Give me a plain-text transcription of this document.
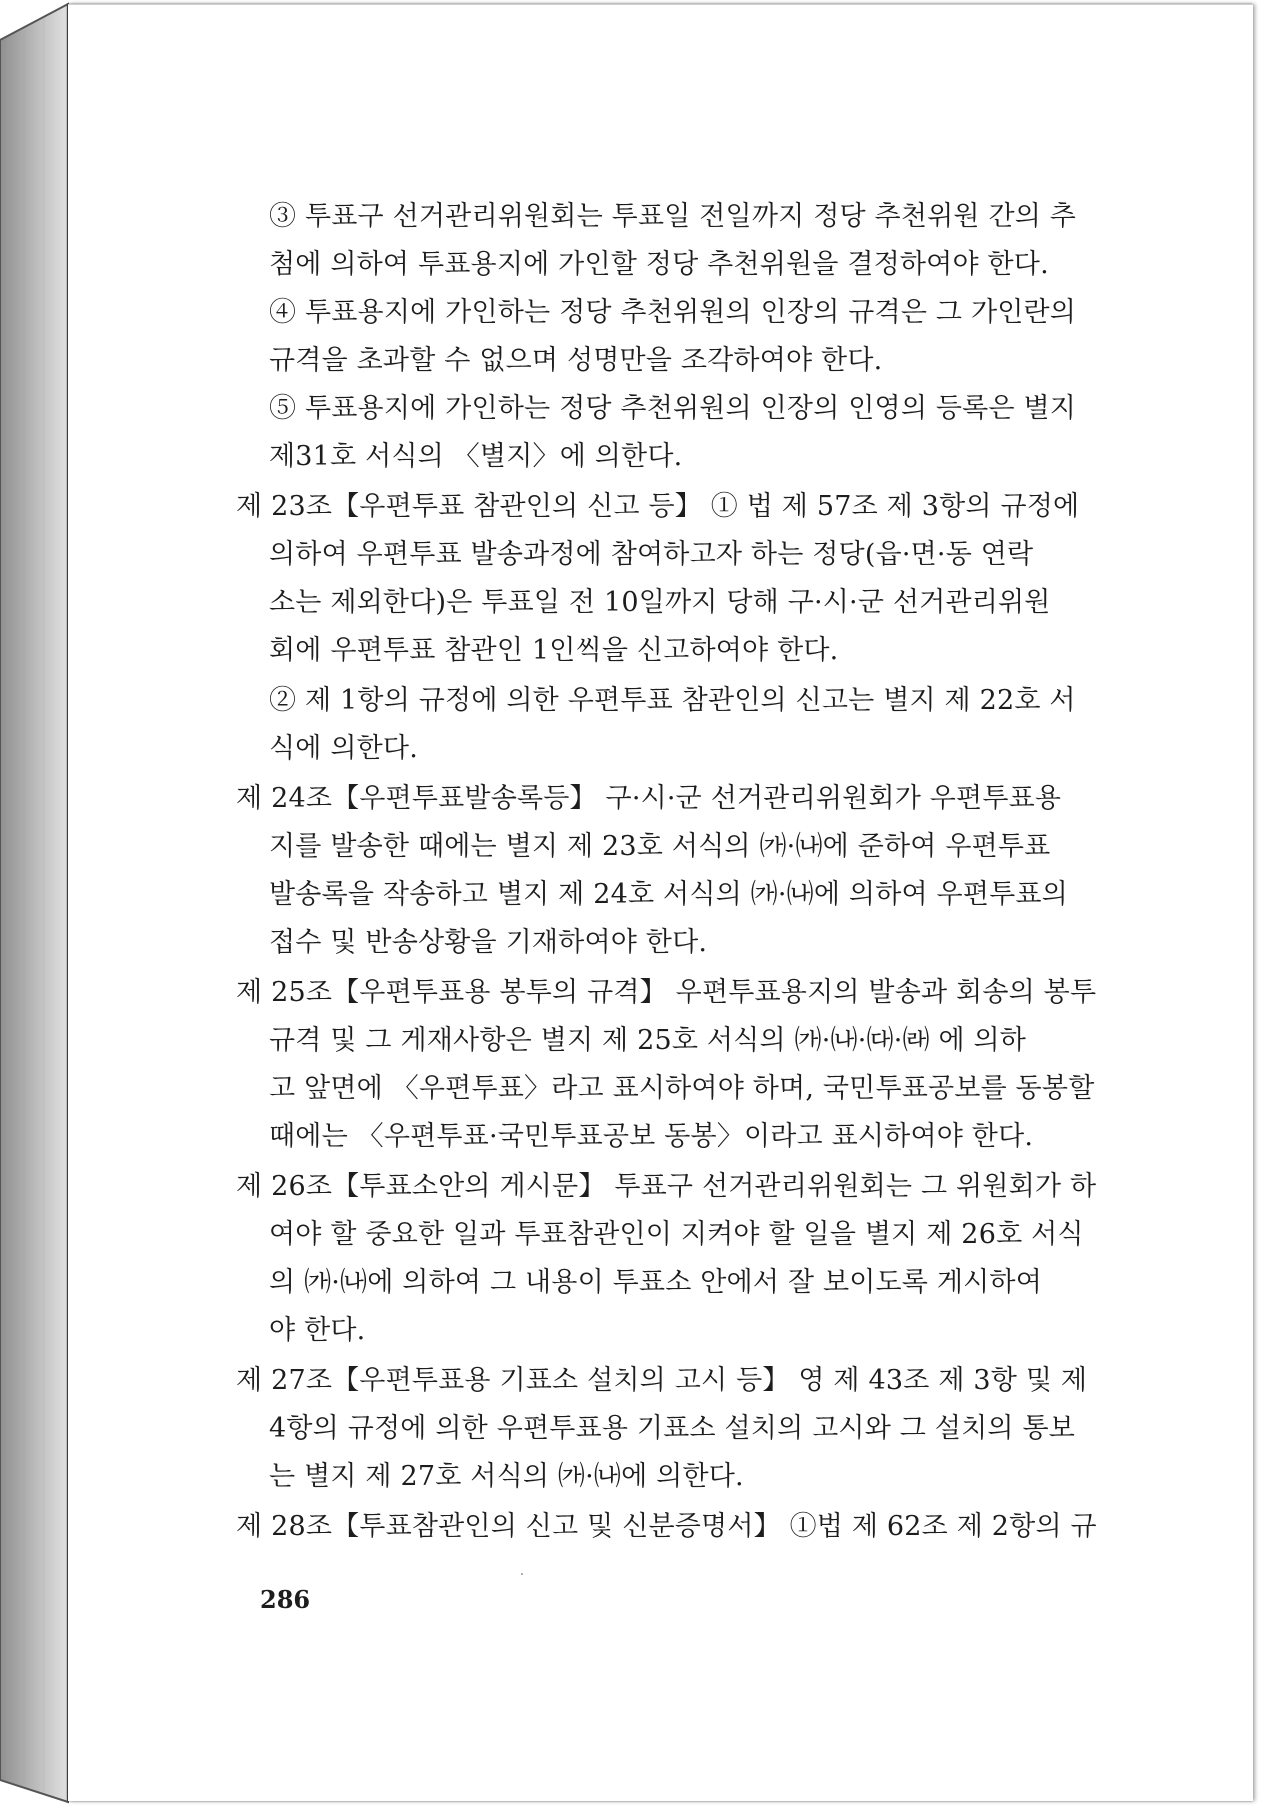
③ 투표구 선거관리위원회는 투표일 전일까지 정당 추천위원 간의 추
첨에 의하여 투표용지에 가인할 정당 추천위원을 결정하여야 한다.
④ 투표용지에 가인하는 정당 추천위원의 인장의 규격은 그 가인란의
규격을 초과할 수 없으며 성명만을 조각하여야 한다.
⑤ 투표용지에 가인하는 정당 추천위원의 인장의 인영의 등록은 별지
제31호 서식의 〈별지〉에 의한다.
제 23조【우편투표 참관인의 신고 등】 ① 법 제 57조 제 3항의 규정에
의하여 우편투표 발송과정에 참여하고자 하는 정당(읍·면·동 연락
소는 제외한다)은 투표일 전 10일까지 당해 구·시·군 선거관리위원
회에 우편투표 참관인 1인씩을 신고하여야 한다.
② 제 1항의 규정에 의한 우편투표 참관인의 신고는 별지 제 22호 서
식에 의한다.
제 24조【우편투표발송록등】 구·시·군 선거관리위원회가 우편투표용
지를 발송한 때에는 별지 제 23호 서식의 ㈎·㈏에 준하여 우편투표
발송록을 작송하고 별지 제 24호 서식의 ㈎·㈏에 의하여 우편투표의
접수 및 반송상황을 기재하여야 한다.
제 25조【우편투표용 봉투의 규격】 우편투표용지의 발송과 회송의 봉투
규격 및 그 게재사항은 별지 제 25호 서식의 ㈎·㈏·㈐·㈑ 에 의하
고 앞면에 〈우편투표〉라고 표시하여야 하며, 국민투표공보를 동봉할
때에는 〈우편투표·국민투표공보 동봉〉이라고 표시하여야 한다.
제 26조【투표소안의 게시문】 투표구 선거관리위원회는 그 위원회가 하
여야 할 중요한 일과 투표참관인이 지켜야 할 일을 별지 제 26호 서식
의 ㈎·㈏에 의하여 그 내용이 투표소 안에서 잘 보이도록 게시하여
야 한다.
제 27조【우편투표용 기표소 설치의 고시 등】 영 제 43조 제 3항 및 제
4항의 규정에 의한 우편투표용 기표소 설치의 고시와 그 설치의 통보
는 별지 제 27호 서식의 ㈎·㈏에 의한다.
제 28조【투표참관인의 신고 및 신분증명서】 ①법 제 62조 제 2항의 규
286
